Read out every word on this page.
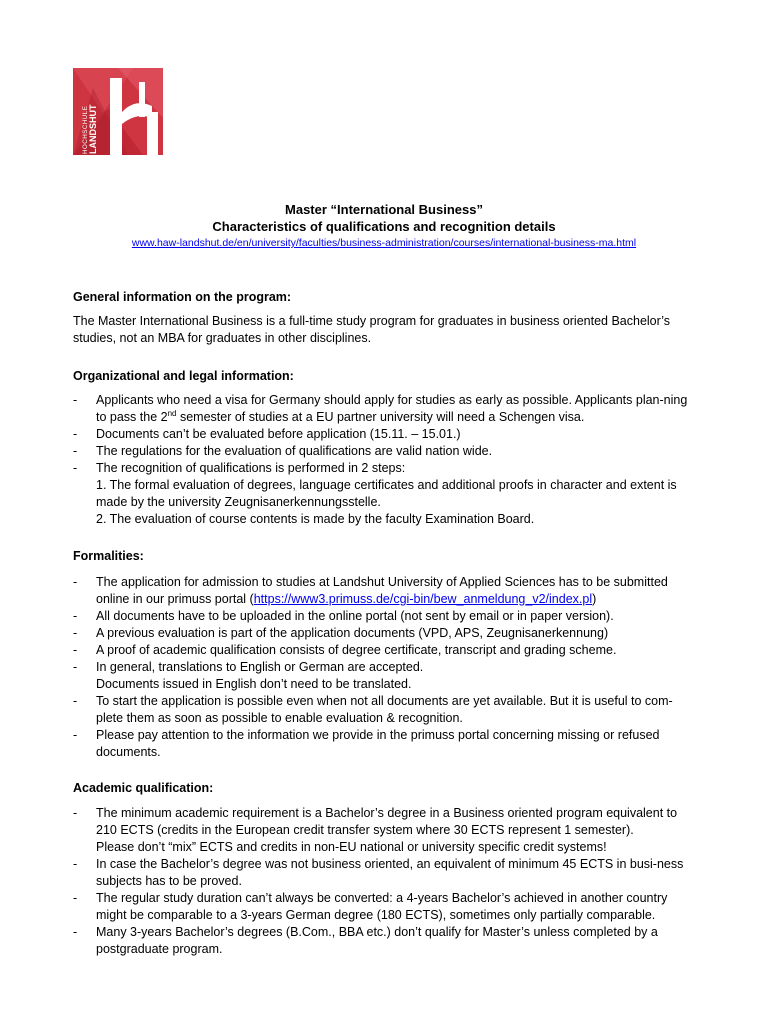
HOCHSCHULE LANDSHUT
Master “International Business”
Characteristics of qualifications and recognition details
www.haw-landshut.de/en/university/faculties/business-administration/courses/international-business-ma.html
General information on the program:
The Master International Business is a full-time study program for graduates in business oriented Bachelor’s studies, not an MBA for graduates in other disciplines.
Organizational and legal information:
- Applicants who need a visa for Germany should apply for studies as early as possible. Applicants plan-ning to pass the 2nd semester of studies at a EU partner university will need a Schengen visa.
- Documents can’t be evaluated before application (15.11. – 15.01.)
- The regulations for the evaluation of qualifications are valid nation wide.
- The recognition of qualifications is performed in 2 steps:
1. The formal evaluation of degrees, language certificates and additional proofs in character and extent is made by the university Zeugnisanerkennungsstelle.
2. The evaluation of course contents is made by the faculty Examination Board.
Formalities:
- The application for admission to studies at Landshut University of Applied Sciences has to be submitted online in our primuss portal (https://www3.primuss.de/cgi-bin/bew_anmeldung_v2/index.pl)
- All documents have to be uploaded in the online portal (not sent by email or in paper version).
- A previous evaluation is part of the application documents (VPD, APS, Zeugnisanerkennung)
- A proof of academic qualification consists of degree certificate, transcript and grading scheme.
- In general, translations to English or German are accepted.
Documents issued in English don’t need to be translated.
- To start the application is possible even when not all documents are yet available. But it is useful to com-plete them as soon as possible to enable evaluation & recognition.
- Please pay attention to the information we provide in the primuss portal concerning missing or refused documents.
Academic qualification:
- The minimum academic requirement is a Bachelor’s degree in a Business oriented program equivalent to 210 ECTS (credits in the European credit transfer system where 30 ECTS represent 1 semester).
Please don’t “mix” ECTS and credits in non-EU national or university specific credit systems!
- In case the Bachelor’s degree was not business oriented, an equivalent of minimum 45 ECTS in busi-ness subjects has to be proved.
- The regular study duration can’t always be converted: a 4-years Bachelor’s achieved in another country might be comparable to a 3-years German degree (180 ECTS), sometimes only partially comparable.
- Many 3-years Bachelor’s degrees (B.Com., BBA etc.) don’t qualify for Master’s unless completed by a postgraduate program.
